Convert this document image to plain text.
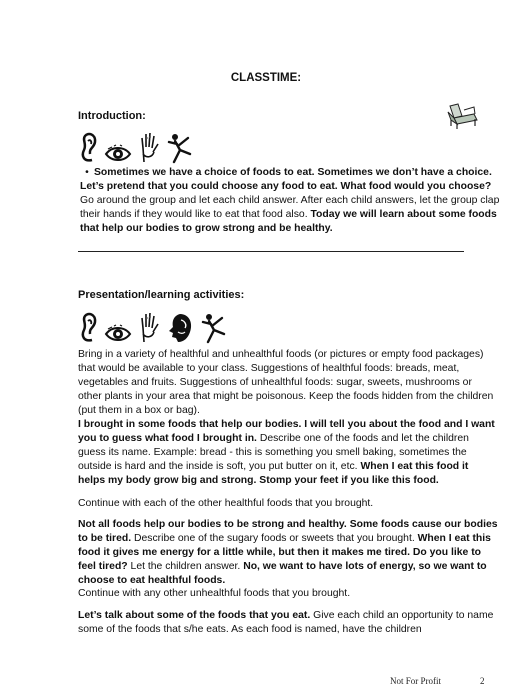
CLASSTIME:
Introduction:

• Sometimes we have a choice of foods to eat. Sometimes we don’t have a choice. Let’s pretend that you could choose any food to eat. What food would you choose? Go around the group and let each child answer. After each child answers, let the group clap their hands if they would like to eat that food also. Today we will learn about some foods that help our bodies to grow strong and be healthy.

Presentation/learning activities:

Bring in a variety of healthful and unhealthful foods (or pictures or empty food packages) that would be available to your class. Suggestions of healthful foods: breads, meat, vegetables and fruits. Suggestions of unhealthful foods: sugar, sweets, mushrooms or other plants in your area that might be poisonous. Keep the foods hidden from the children (put them in a box or bag).

I brought in some foods that help our bodies. I will tell you about the food and I want you to guess what food I brought in. Describe one of the foods and let the children guess its name. Example: bread - this is something you smell baking, sometimes the outside is hard and the inside is soft, you put butter on it, etc. When I eat this food it helps my body grow big and strong. Stomp your feet if you like this food.

Continue with each of the other healthful foods that you brought.

Not all foods help our bodies to be strong and healthy. Some foods cause our bodies to be tired. Describe one of the sugary foods or sweets that you brought. When I eat this food it gives me energy for a little while, but then it makes me tired. Do you like to feel tired? Let the children answer. No, we want to have lots of energy, so we want to choose to eat healthful foods.

Continue with any other unhealthful foods that you brought.

Let’s talk about some of the foods that you eat. Give each child an opportunity to name some of the foods that s/he eats. As each food is named, have the children

Not For Profit	2
